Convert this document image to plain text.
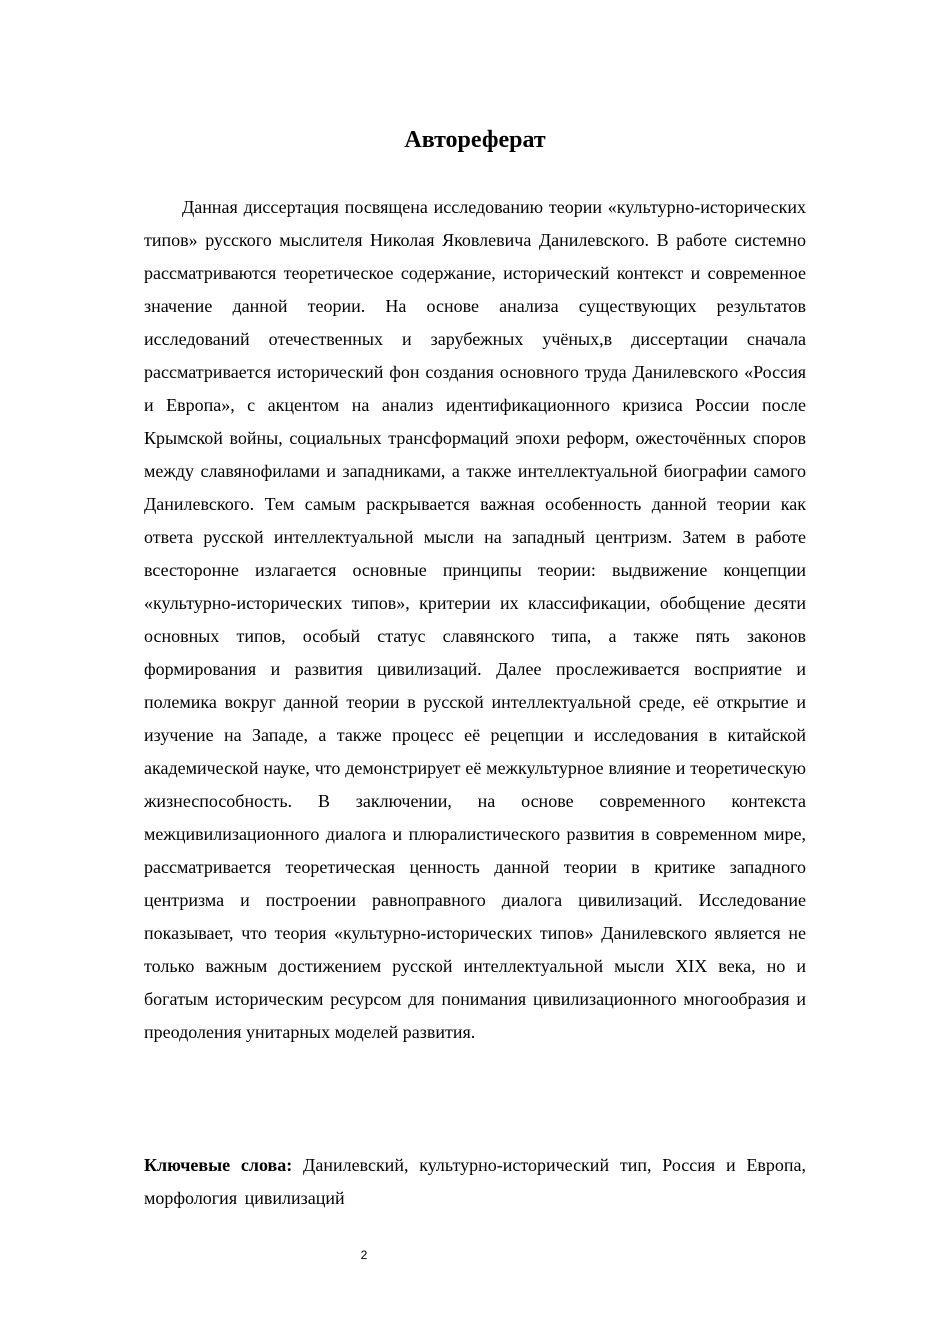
Автореферат

Данная диссертация посвящена исследованию теории «культурно-исторических типов» русского мыслителя Николая Яковлевича Данилевского. В работе системно рассматриваются теоретическое содержание, исторический контекст и современное значение данной теории. На основе анализа существующих результатов исследований отечественных и зарубежных учёных,в диссертации сначала рассматривается исторический фон создания основного труда Данилевского «Россия и Европа», с акцентом на анализ идентификационного кризиса России после Крымской войны, социальных трансформаций эпохи реформ, ожесточённых споров между славянофилами и западниками, а также интеллектуальной биографии самого Данилевского. Тем самым раскрывается важная особенность данной теории как ответа русской интеллектуальной мысли на западный центризм. Затем в работе всесторонне излагается основные принципы теории: выдвижение концепции «культурно-исторических типов», критерии их классификации, обобщение десяти основных типов, особый статус славянского типа, а также пять законов формирования и развития цивилизаций. Далее прослеживается восприятие и полемика вокруг данной теории в русской интеллектуальной среде, её открытие и изучение на Западе, а также процесс её рецепции и исследования в китайской академической науке, что демонстрирует её межкультурное влияние и теоретическую жизнеспособность. В заключении, на основе современного контекста межцивилизационного диалога и плюралистического развития в современном мире, рассматривается теоретическая ценность данной теории в критике западного центризма и построении равноправного диалога цивилизаций. Исследование показывает, что теория «культурно-исторических типов» Данилевского является не только важным достижением русской интеллектуальной мысли XIX века, но и богатым историческим ресурсом для понимания цивилизационного многообразия и преодоления унитарных моделей развития.

Ключевые слова: Данилевский, культурно-исторический тип, Россия и Европа, морфология цивилизаций

2
